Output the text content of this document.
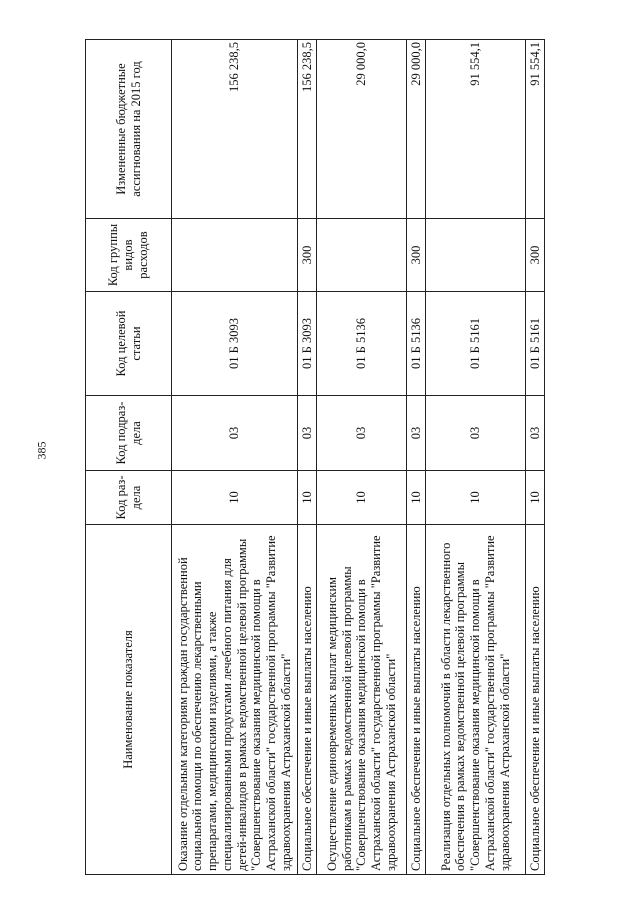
385
Наименование показателя	Код раз-дела	Код подраз-дела	Код целевой статьи	Код группы видов расходов	Измененные бюджетные ассигнования на 2015 год
Оказание отдельным категориям граждан государственной социальной помощи по обеспечению лекарственными препаратами, медицинскими изделиями, а также специализированными продуктами лечебного питания для детей-инвалидов в рамках ведомственной целевой программы "Совершенствование оказания медицинской помощи в Астраханской области" государственной программы "Развитие здравоохранения Астраханской области"	10	03	01 Б 3093		156 238,5
Социальное обеспечение и иные выплаты населению	10	03	01 Б 3093	300	156 238,5
Осуществление единовременных выплат медицинским работникам в рамках ведомственной целевой программы "Совершенствование оказания медицинской помощи в Астраханской области" государственной программы "Развитие здравоохранения Астраханской области"	10	03	01 Б 5136		29 000,0
Социальное обеспечение и иные выплаты населению	10	03	01 Б 5136	300	29 000,0
Реализация отдельных полномочий в области лекарственного обеспечения в рамках ведомственной целевой программы "Совершенствование оказания медицинской помощи в Астраханской области" государственной программы "Развитие здравоохранения Астраханской области"	10	03	01 Б 5161		91 554,1
Социальное обеспечение и иные выплаты населению	10	03	01 Б 5161	300	91 554,1
